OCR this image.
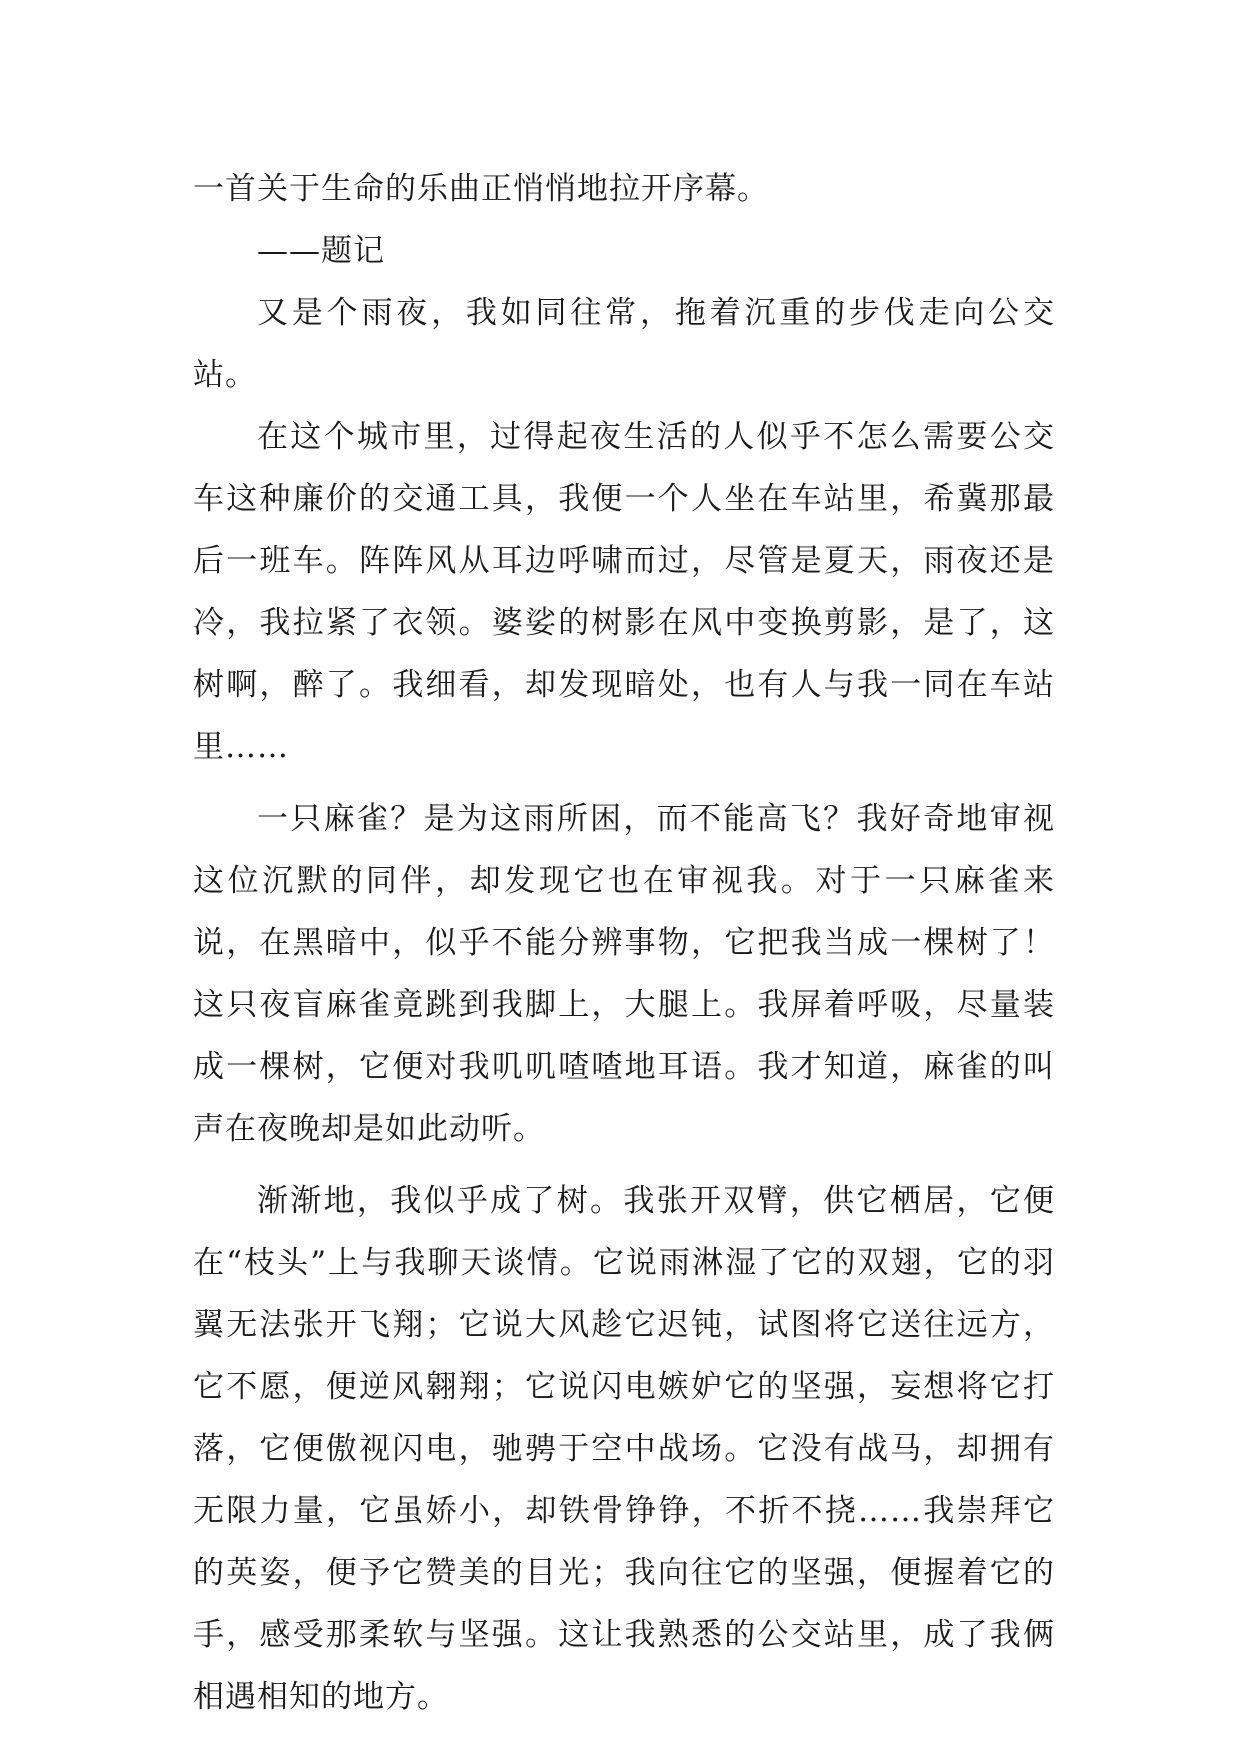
一首关于生命的乐曲正悄悄地拉开序幕。

——题记

又是个雨夜，我如同往常，拖着沉重的步伐走向公交站。

在这个城市里，过得起夜生活的人似乎不怎么需要公交车这种廉价的交通工具，我便一个人坐在车站里，希冀那最后一班车。阵阵风从耳边呼啸而过，尽管是夏天，雨夜还是冷，我拉紧了衣领。婆娑的树影在风中变换剪影，是了，这树啊，醉了。我细看，却发现暗处，也有人与我一同在车站里……

一只麻雀？是为这雨所困，而不能高飞？我好奇地审视这位沉默的同伴，却发现它也在审视我。对于一只麻雀来说，在黑暗中，似乎不能分辨事物，它把我当成一棵树了！这只夜盲麻雀竟跳到我脚上，大腿上。我屏着呼吸，尽量装成一棵树，它便对我叽叽喳喳地耳语。我才知道，麻雀的叫声在夜晚却是如此动听。

渐渐地，我似乎成了树。我张开双臂，供它栖居，它便在“枝头”上与我聊天谈情。它说雨淋湿了它的双翅，它的羽翼无法张开飞翔；它说大风趁它迟钝，试图将它送往远方，它不愿，便逆风翱翔；它说闪电嫉妒它的坚强，妄想将它打落，它便傲视闪电，驰骋于空中战场。它没有战马，却拥有无限力量，它虽娇小，却铁骨铮铮，不折不挠……我崇拜它的英姿，便予它赞美的目光；我向往它的坚强，便握着它的手，感受那柔软与坚强。这让我熟悉的公交站里，成了我俩相遇相知的地方。
